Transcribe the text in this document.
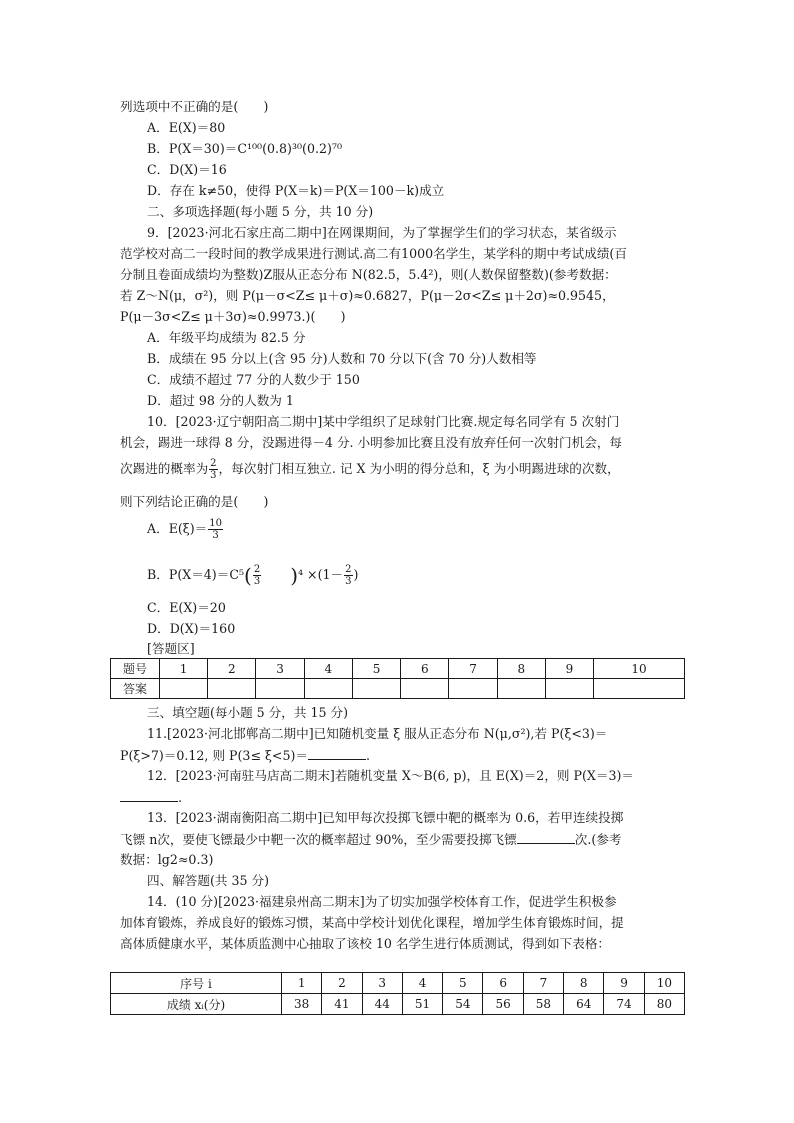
列选项中不正确的是(　　)
A．E(X)＝80
B．P(X＝30)＝C¹⁰⁰(0.8)³⁰(0.2)⁷⁰
C．D(X)＝16
D．存在 k≠50，使得 P(X＝k)＝P(X＝100－k)成立
二、多项选择题(每小题 5 分，共 10 分)
9．[2023·河北石家庄高二期中]在网课期间，为了掌握学生们的学习状态，某省级示
范学校对高二一段时间的教学成果进行测试.高二有1000名学生，某学科的期中考试成绩(百
分制且卷面成绩均为整数)Z服从正态分布 N(82.5，5.4²)，则(人数保留整数)(参考数据：
若 Z～N(μ，σ²)，则 P(μ－σ<Z≤ μ＋σ)≈0.6827，P(μ－2σ<Z≤ μ＋2σ)≈0.9545，
P(μ－3σ<Z≤ μ＋3σ)≈0.9973.)(　　)
A．年级平均成绩为 82.5 分
B．成绩在 95 分以上(含 95 分)人数和 70 分以下(含 70 分)人数相等
C．成绩不超过 77 分的人数少于 150
D．超过 98 分的人数为 1
10．[2023·辽宁朝阳高二期中]某中学组织了足球射门比赛.规定每名同学有 5 次射门
机会，踢进一球得 8 分，没踢进得－4 分. 小明参加比赛且没有放弃任何一次射门机会，每
次踢进的概率为 $\frac{2}{3}$ ，每次射门相互独立. 记 X 为小明的得分总和，ξ 为小明踢进球的次数，
则下列结论正确的是(　　)
A．$E(\xi)= \frac{10}{3}$
B．$P(X=4)=C^5( \frac{2}{3} )^4 \times(1- \frac{2}{3}$ )
C．E(X)＝20
D．D(X)＝160
[答题区]
题号	1	2	3	4	5	6	7	8	9	10
答案										
三、填空题(每小题 5 分，共 15 分)
11.[2023·河北邯郸高二期中]已知随机变量 ξ 服从正态分布 N(μ,σ²),若 P(ξ<3)＝
P(ξ>7)＝0.12, 则 P(3≤ ξ<5)＝	.
12．[2023·河南驻马店高二期末]若随机变量 X～B(6, p)，且 E(X)＝2，则 P(X＝3)＝
.
13．[2023·湖南衡阳高二期中]已知甲每次投掷飞镖中靶的概率为 0.6，若甲连续投掷
飞镖 n次，要使飞镖最少中靶一次的概率超过 90%，至少需要投掷飞镖	次.(参考
数据：lg2≈0.3)
四、解答题(共 35 分)
14．(10 分)[2023·福建泉州高二期末]为了切实加强学校体育工作，促进学生积极参
加体育锻炼，养成良好的锻炼习惯，某高中学校计划优化课程，增加学生体育锻炼时间，提
高体质健康水平，某体质监测中心抽取了该校 10 名学生进行体质测试，得到如下表格：
序号 i	1	2	3	4	5	6	7	8	9	10
成绩 xᵢ(分)	38	41	44	51	54	56	58	64	74	80
